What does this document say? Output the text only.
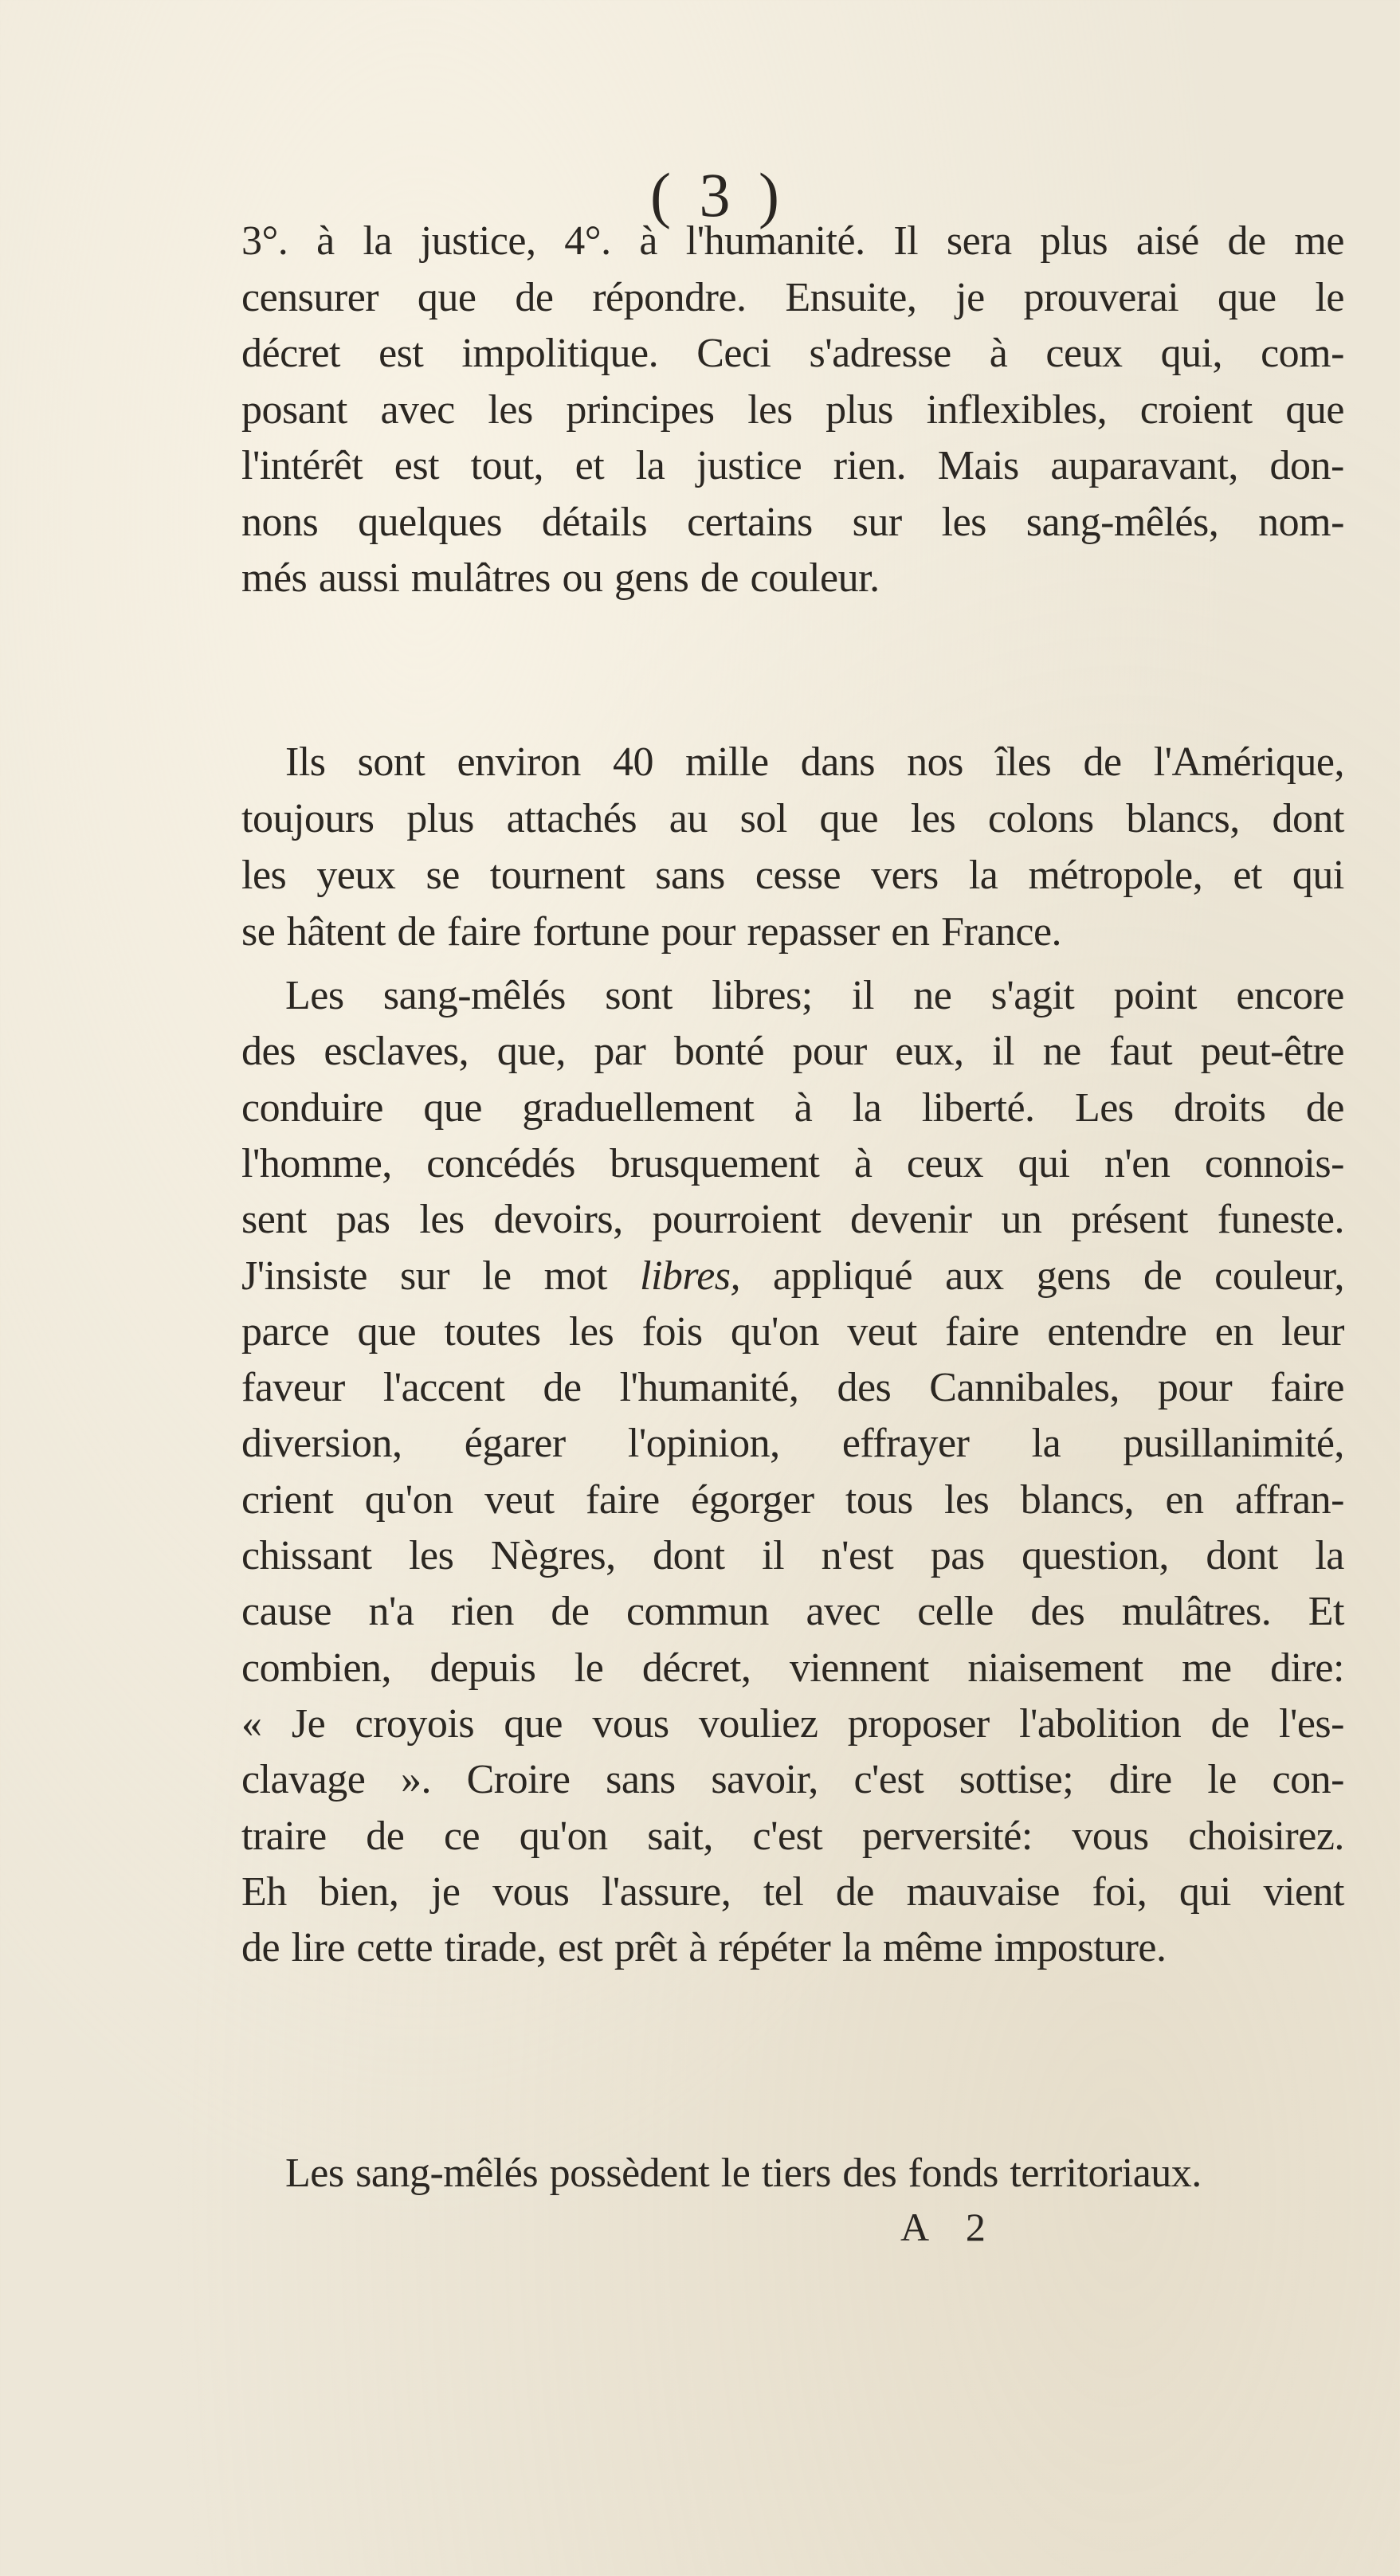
( 3 )
3°. à la justice, 4°. à l'humanité. Il sera plus aisé de me
censurer que de répondre. Ensuite, je prouverai que le
décret est impolitique. Ceci s'adresse à ceux qui, com-
posant avec les principes les plus inflexibles, croient que
l'intérêt est tout, et la justice rien. Mais auparavant, don-
nons quelques détails certains sur les sang-mêlés, nom-
més aussi mulâtres ou gens de couleur.
Ils sont environ 40 mille dans nos îles de l'Amérique,
toujours plus attachés au sol que les colons blancs, dont
les yeux se tournent sans cesse vers la métropole, et qui
se hâtent de faire fortune pour repasser en France.
Les sang-mêlés sont libres; il ne s'agit point encore
des esclaves, que, par bonté pour eux, il ne faut peut-être
conduire que graduellement à la liberté. Les droits de
l'homme, concédés brusquement à ceux qui n'en connois-
sent pas les devoirs, pourroient devenir un présent funeste.
J'insiste sur le mot libres, appliqué aux gens de couleur,
parce que toutes les fois qu'on veut faire entendre en leur
faveur l'accent de l'humanité, des Cannibales, pour faire
diversion, égarer l'opinion, effrayer la pusillanimité,
crient qu'on veut faire égorger tous les blancs, en affran-
chissant les Nègres, dont il n'est pas question, dont la
cause n'a rien de commun avec celle des mulâtres. Et
combien, depuis le décret, viennent niaisement me dire:
« Je croyois que vous vouliez proposer l'abolition de l'es-
clavage ». Croire sans savoir, c'est sottise; dire le con-
traire de ce qu'on sait, c'est perversité: vous choisirez.
Eh bien, je vous l'assure, tel de mauvaise foi, qui vient
de lire cette tirade, est prêt à répéter la même imposture.
Les sang-mêlés possèdent le tiers des fonds territoriaux.
A 2
